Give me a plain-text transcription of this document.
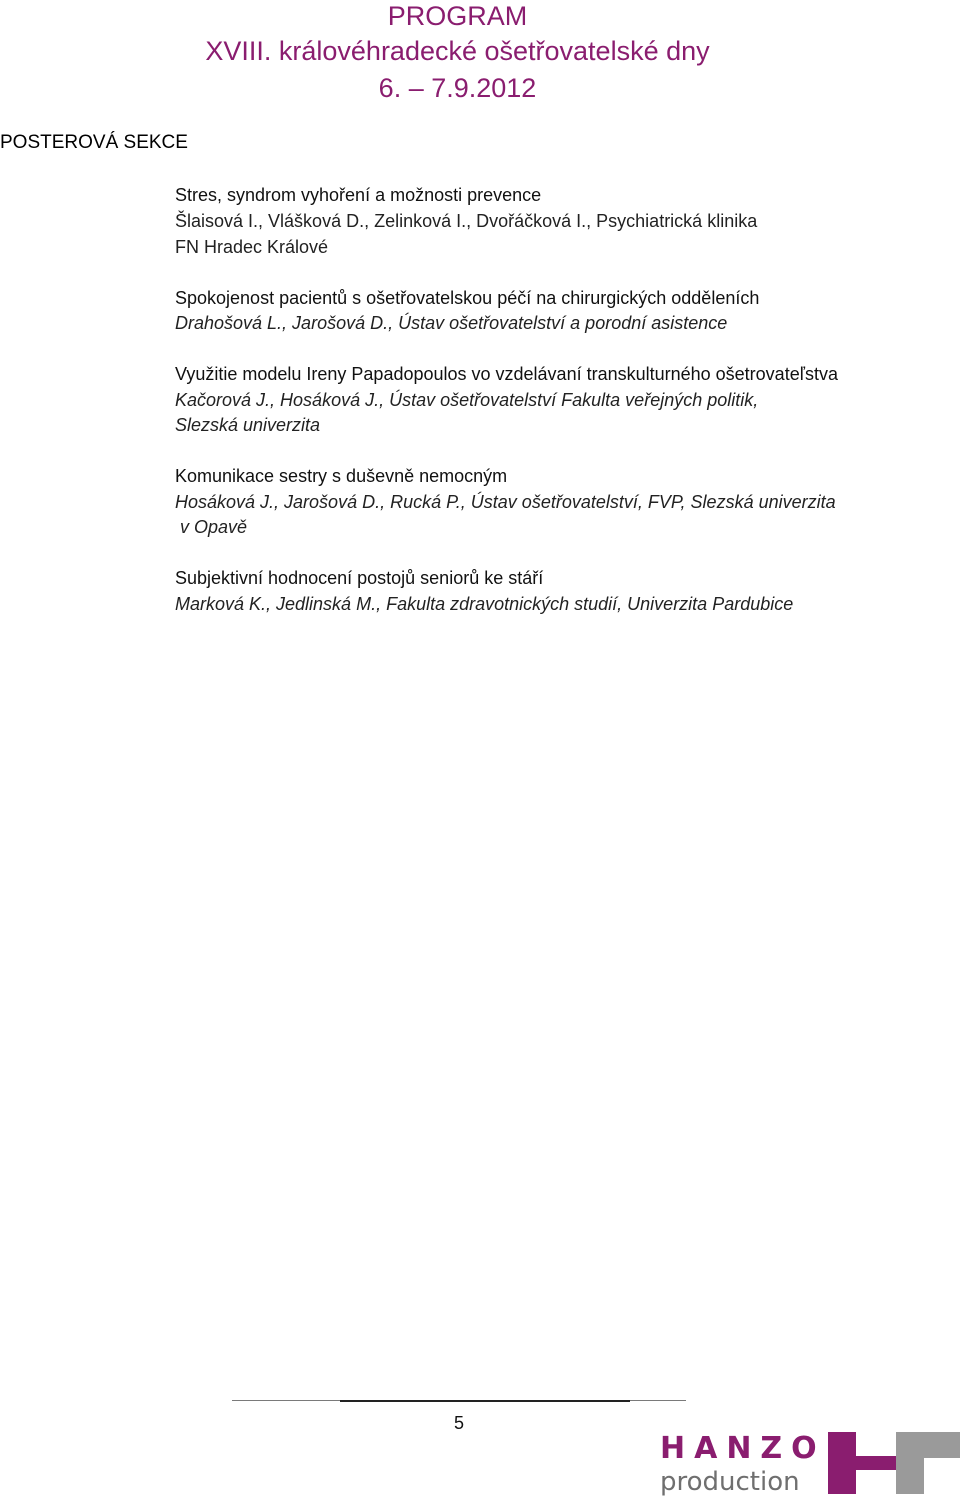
PROGRAM
XVIII. královéhradecké ošetřovatelské dny
6. – 7.9.2012
POSTEROVÁ SEKCE
Stres, syndrom vyhoření a možnosti prevence
Šlaisová I., Vlášková D., Zelinková I., Dvořáčková I., Psychiatrická klinika
FN Hradec Králové
Spokojenost pacientů s ošetřovatelskou péčí na chirurgických odděleních
Drahošová L., Jarošová D., Ústav ošetřovatelství a porodní asistence
Využitie modelu Ireny Papadopoulos vo vzdelávaní transkulturného ošetrovateľstva
Kačorová J., Hosáková J., Ústav ošetřovatelství Fakulta veřejných politik,
Slezská univerzita
Komunikace sestry s duševně nemocným
Hosáková J., Jarošová D., Rucká P., Ústav ošetřovatelství, FVP, Slezská univerzita
v Opavě
Subjektivní hodnocení postojů seniorů ke stáří
Marková K., Jedlinská M., Fakulta zdravotnických studií, Univerzita Pardubice
5
HANZO
production
